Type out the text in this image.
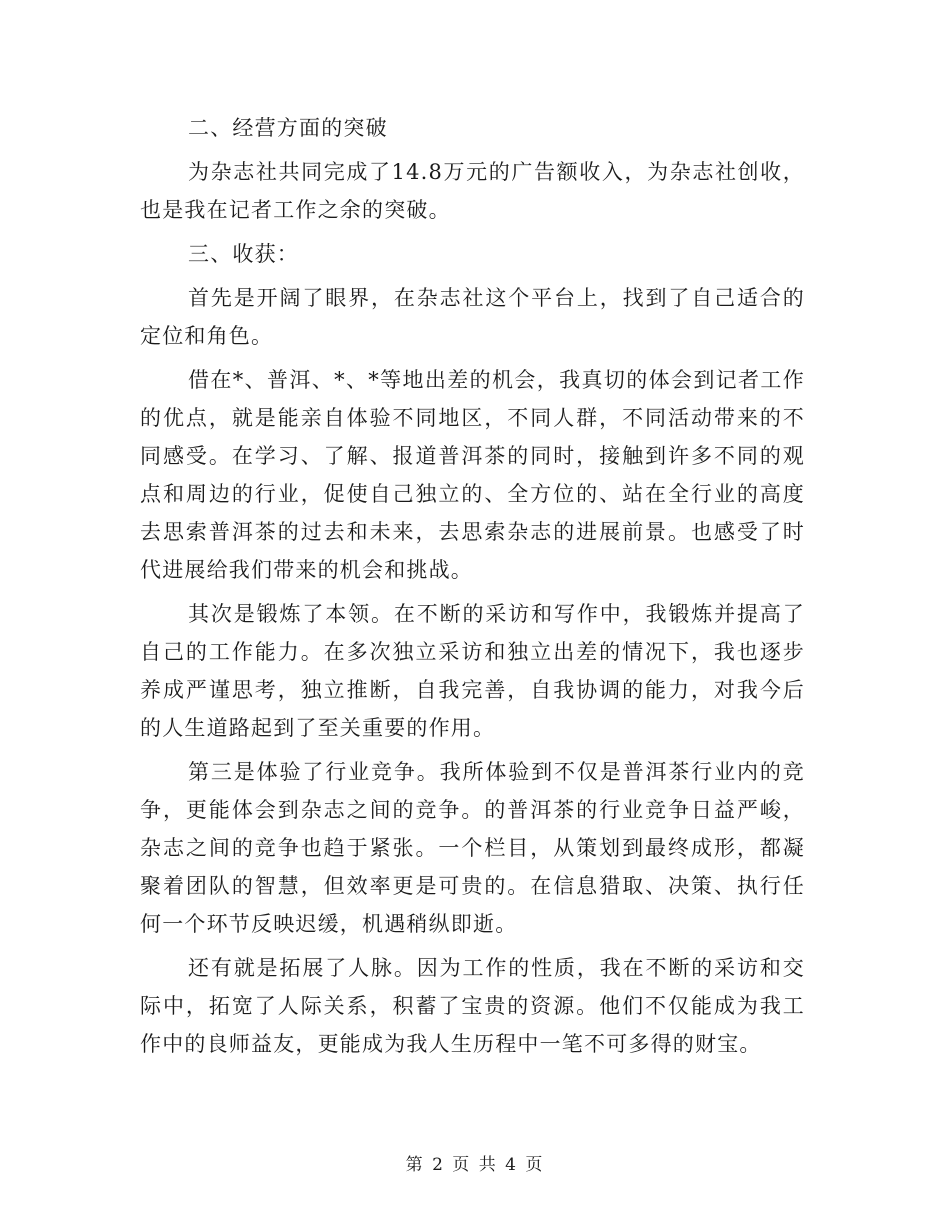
二、经营方面的突破

为杂志社共同完成了14.8万元的广告额收入，为杂志社创收，也是我在记者工作之余的突破。

三、收获：

首先是开阔了眼界，在杂志社这个平台上，找到了自己适合的定位和角色。

借在*、普洱、*、*等地出差的机会，我真切的体会到记者工作的优点，就是能亲自体验不同地区，不同人群，不同活动带来的不同感受。在学习、了解、报道普洱茶的同时，接触到许多不同的观点和周边的行业，促使自己独立的、全方位的、站在全行业的高度去思索普洱茶的过去和未来，去思索杂志的进展前景。也感受了时代进展给我们带来的机会和挑战。

其次是锻炼了本领。在不断的采访和写作中，我锻炼并提高了自己的工作能力。在多次独立采访和独立出差的情况下，我也逐步养成严谨思考，独立推断，自我完善，自我协调的能力，对我今后的人生道路起到了至关重要的作用。

第三是体验了行业竞争。我所体验到不仅是普洱茶行业内的竞争，更能体会到杂志之间的竞争。的普洱茶的行业竞争日益严峻，杂志之间的竞争也趋于紧张。一个栏目，从策划到最终成形，都凝聚着团队的智慧，但效率更是可贵的。在信息猎取、决策、执行任何一个环节反映迟缓，机遇稍纵即逝。

还有就是拓展了人脉。因为工作的性质，我在不断的采访和交际中，拓宽了人际关系，积蓄了宝贵的资源。他们不仅能成为我工作中的良师益友，更能成为我人生历程中一笔不可多得的财宝。

第 2 页 共 4 页
